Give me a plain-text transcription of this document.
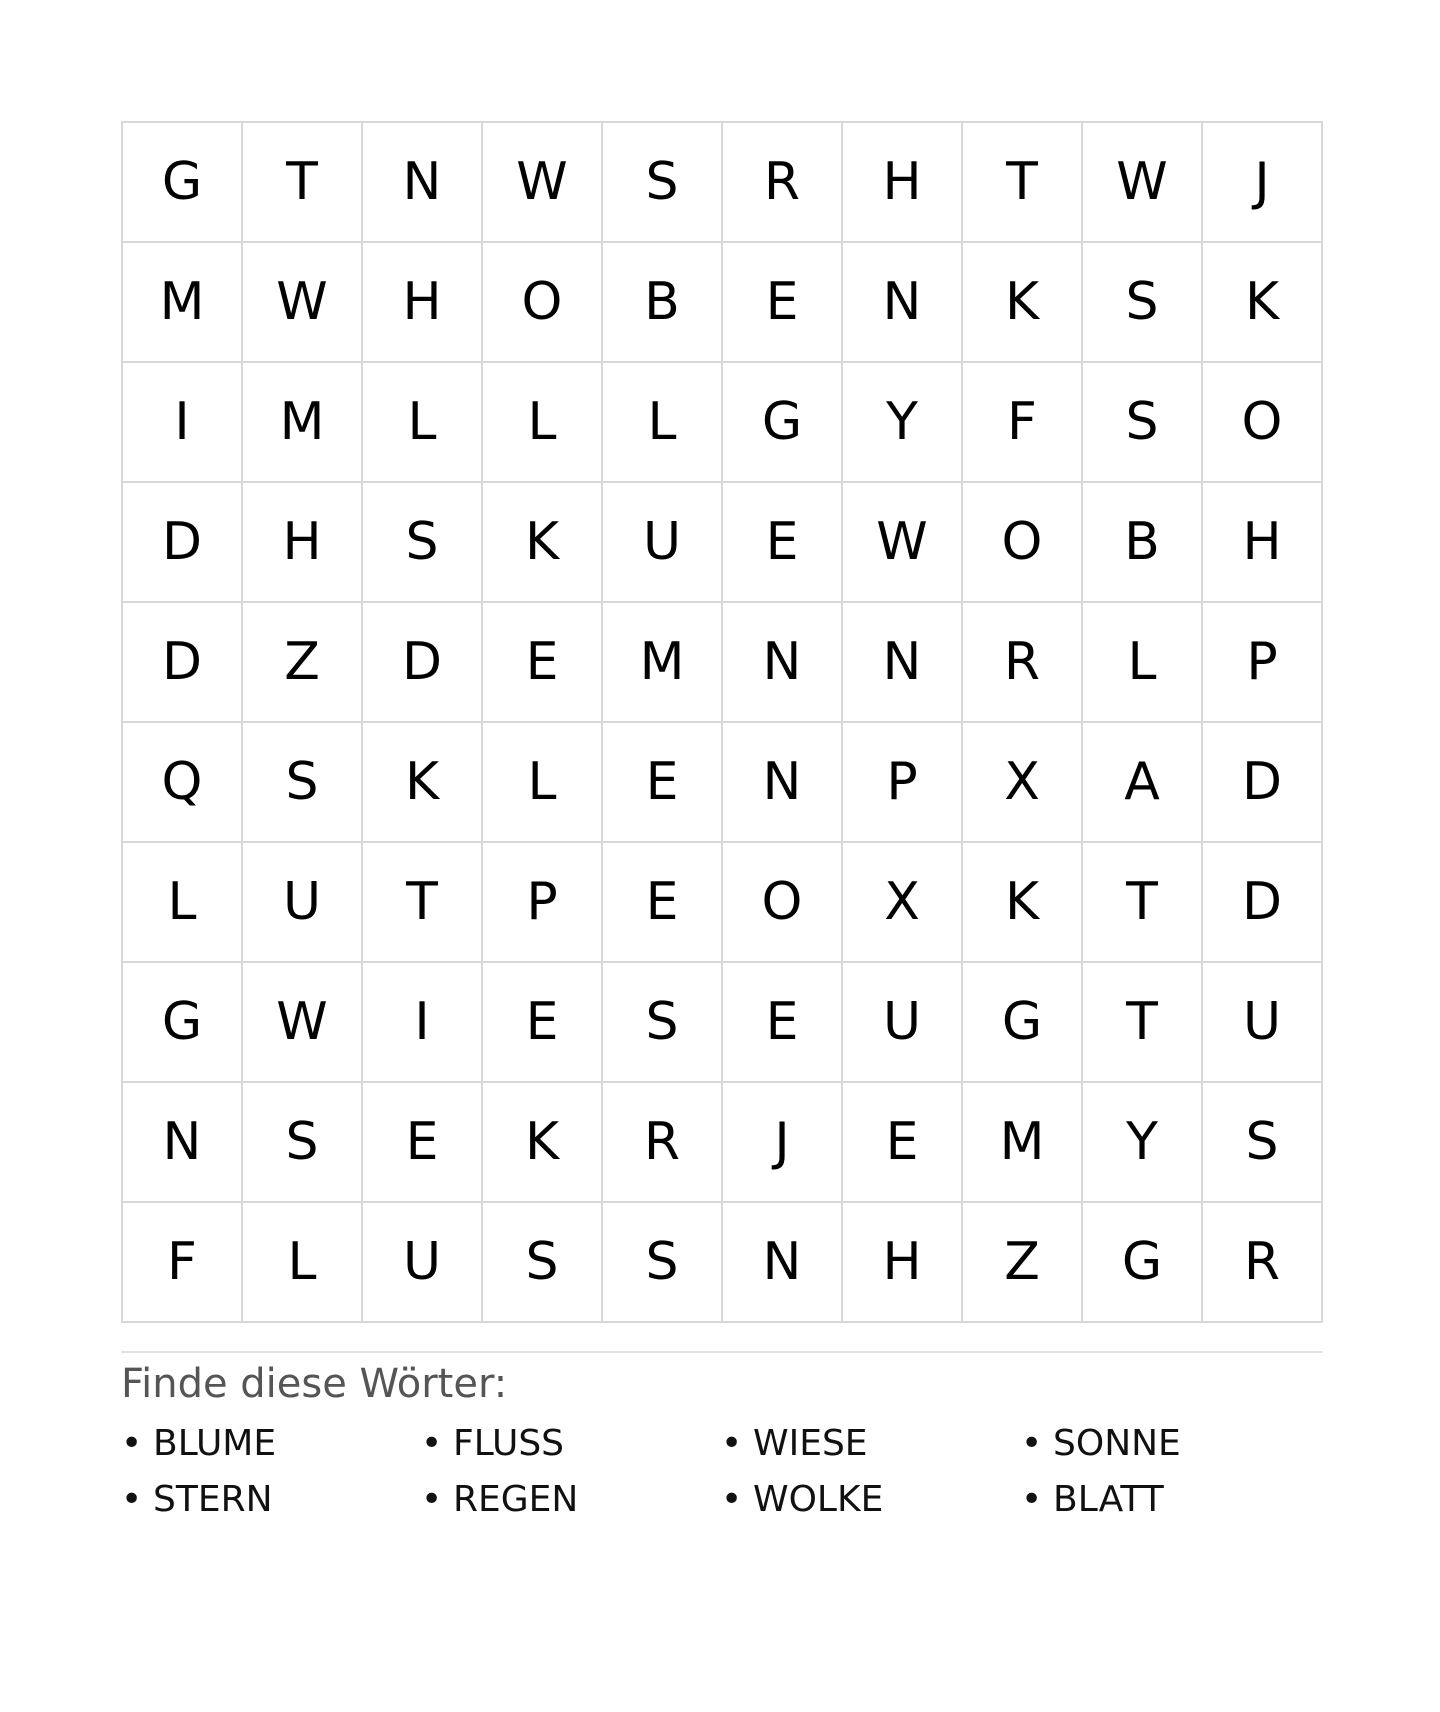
G	T	N	W	S	R	H	T	W	J
M	W	H	O	B	E	N	K	S	K
I	M	L	L	L	G	Y	F	S	O
D	H	S	K	U	E	W	O	B	H
D	Z	D	E	M	N	N	R	L	P
Q	S	K	L	E	N	P	X	A	D
L	U	T	P	E	O	X	K	T	D
G	W	I	E	S	E	U	G	T	U
N	S	E	K	R	J	E	M	Y	S
F	L	U	S	S	N	H	Z	G	R
Finde diese Wörter:
• BLUME	• FLUSS	• WIESE	• SONNE
• STERN	• REGEN	• WOLKE	• BLATT
